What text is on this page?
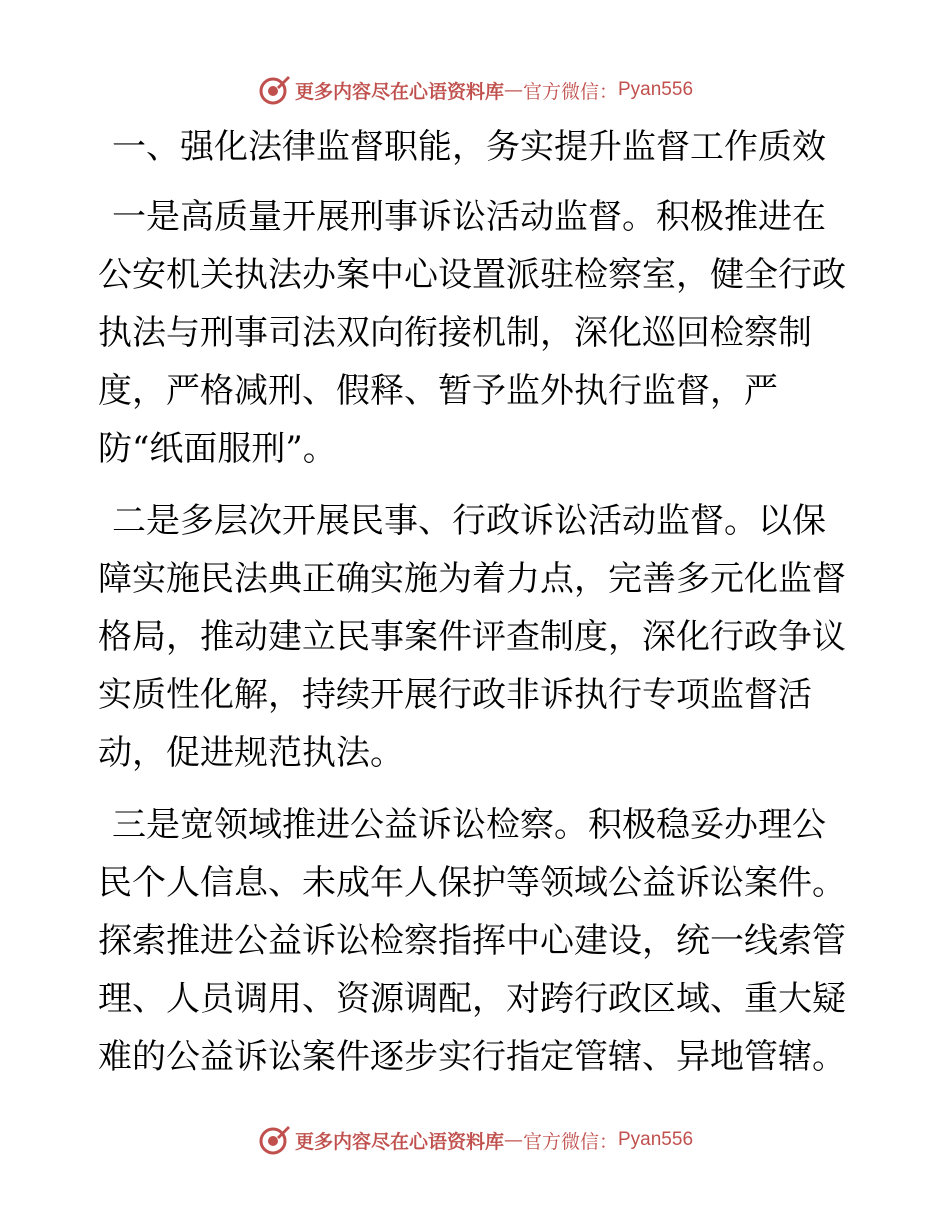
更多内容尽在心语资料库 — 官方微信： Pyan556
一、强化法律监督职能，务实提升监督工作质效
一是高质量开展刑事诉讼活动监督。积极推进在
公安机关执法办案中心设置派驻检察室，健全行政
执法与刑事司法双向衔接机制，深化巡回检察制
度，严格减刑、假释、暂予监外执行监督，严
防“纸面服刑”。
二是多层次开展民事、行政诉讼活动监督。以保
障实施民法典正确实施为着力点，完善多元化监督
格局，推动建立民事案件评查制度，深化行政争议
实质性化解，持续开展行政非诉执行专项监督活
动，促进规范执法。
三是宽领域推进公益诉讼检察。积极稳妥办理公
民个人信息、未成年人保护等领域公益诉讼案件。
探索推进公益诉讼检察指挥中心建设，统一线索管
理、人员调用、资源调配，对跨行政区域、重大疑
难的公益诉讼案件逐步实行指定管辖、异地管辖。
更多内容尽在心语资料库 — 官方微信： Pyan556
